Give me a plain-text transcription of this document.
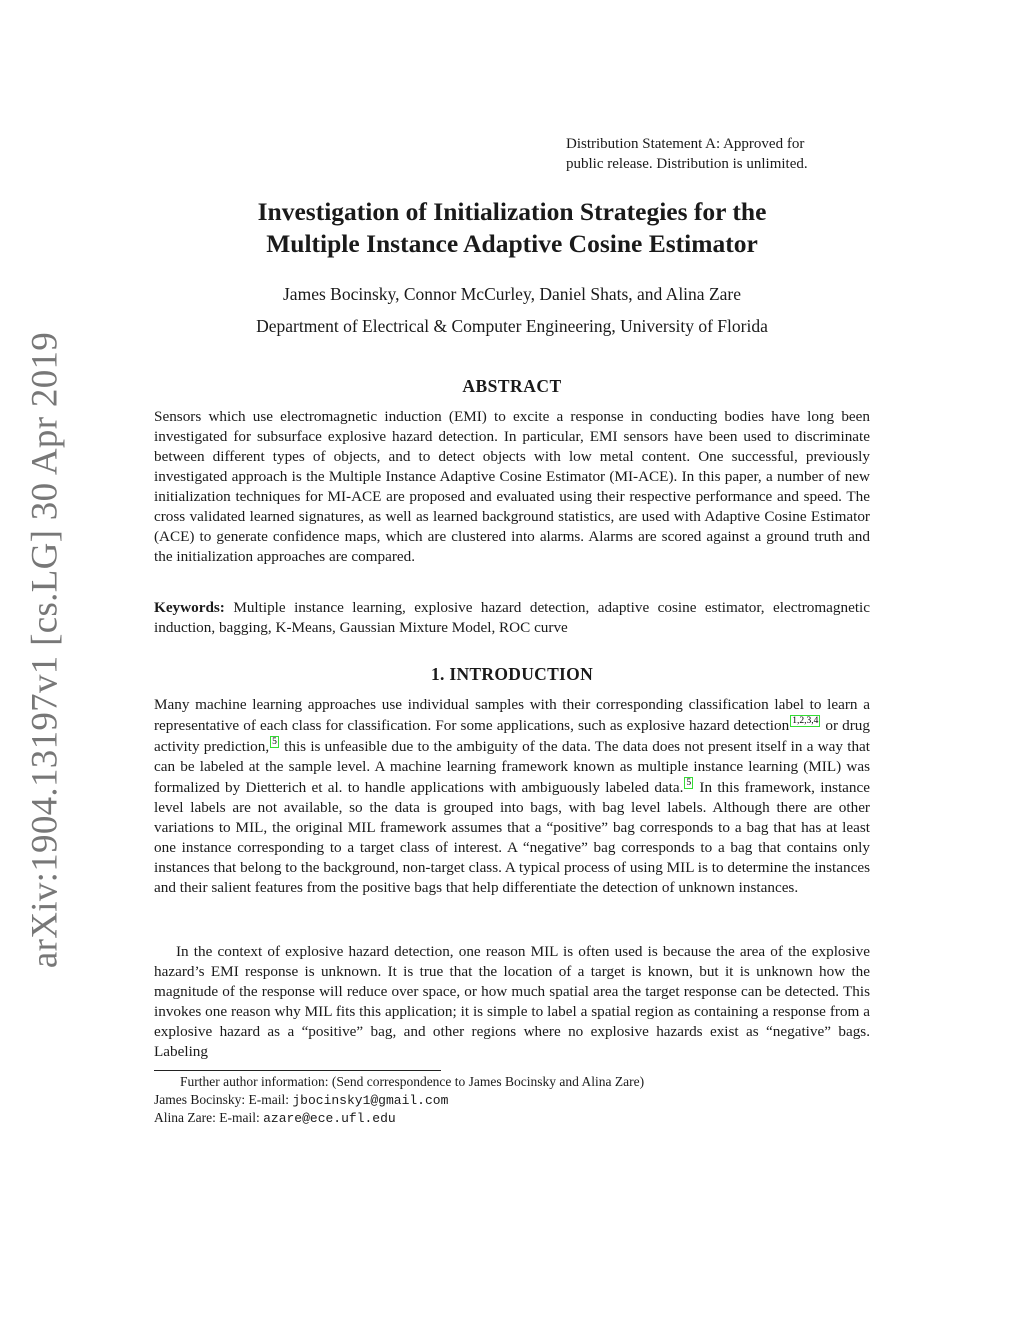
arXiv:1904.13197v1 [cs.LG] 30 Apr 2019

Distribution Statement A: Approved for
public release. Distribution is unlimited.

Investigation of Initialization Strategies for the
Multiple Instance Adaptive Cosine Estimator

James Bocinsky, Connor McCurley, Daniel Shats, and Alina Zare

Department of Electrical & Computer Engineering, University of Florida

ABSTRACT

Sensors which use electromagnetic induction (EMI) to excite a response in conducting bodies have long been investigated for subsurface explosive hazard detection. In particular, EMI sensors have been used to discriminate between different types of objects, and to detect objects with low metal content. One successful, previously investigated approach is the Multiple Instance Adaptive Cosine Estimator (MI-ACE). In this paper, a number of new initialization techniques for MI-ACE are proposed and evaluated using their respective performance and speed. The cross validated learned signatures, as well as learned background statistics, are used with Adaptive Cosine Estimator (ACE) to generate confidence maps, which are clustered into alarms. Alarms are scored against a ground truth and the initialization approaches are compared.

Keywords: Multiple instance learning, explosive hazard detection, adaptive cosine estimator, electromagnetic induction, bagging, K-Means, Gaussian Mixture Model, ROC curve

1. INTRODUCTION

Many machine learning approaches use individual samples with their corresponding classification label to learn a representative of each class for classification. For some applications, such as explosive hazard detection 1,2,3,4 or drug activity prediction, 5 this is unfeasible due to the ambiguity of the data. The data does not present itself in a way that can be labeled at the sample level. A machine learning framework known as multiple instance learning (MIL) was formalized by Dietterich et al. to handle applications with ambiguously labeled data. 5 In this framework, instance level labels are not available, so the data is grouped into bags, with bag level labels. Although there are other variations to MIL, the original MIL framework assumes that a “positive” bag corresponds to a bag that has at least one instance corresponding to a target class of interest. A “negative” bag corresponds to a bag that contains only instances that belong to the background, non-target class. A typical process of using MIL is to determine the instances and their salient features from the positive bags that help differentiate the detection of unknown instances.

In the context of explosive hazard detection, one reason MIL is often used is because the area of the explosive hazard’s EMI response is unknown. It is true that the location of a target is known, but it is unknown how the magnitude of the response will reduce over space, or how much spatial area the target response can be detected. This invokes one reason why MIL fits this application; it is simple to label a spatial region as containing a response from a explosive hazard as a “positive” bag, and other regions where no explosive hazards exist as “negative” bags. Labeling

Further author information: (Send correspondence to James Bocinsky and Alina Zare)

James Bocinsky: E-mail: jbocinsky1@gmail.com

Alina Zare: E-mail: azare@ece.ufl.edu
